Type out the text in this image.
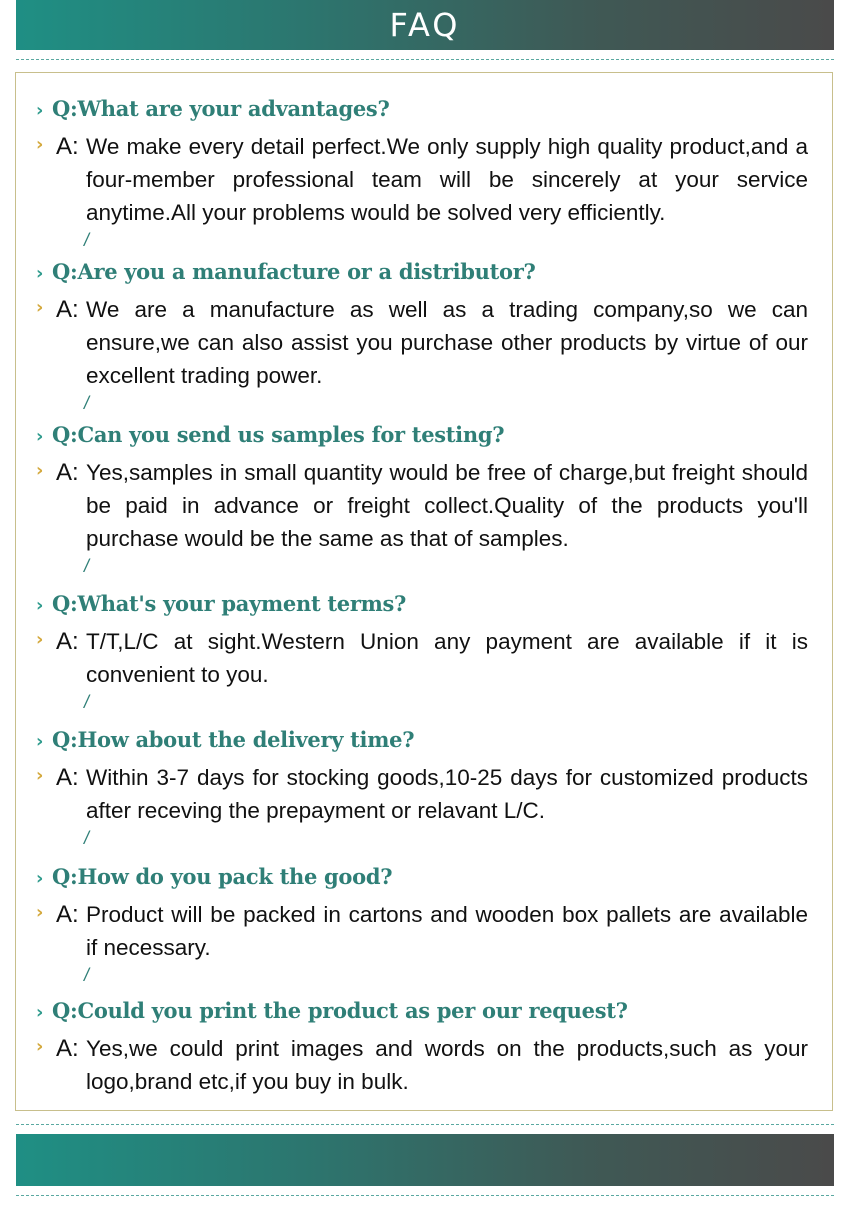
FAQ
› Q:What are your advantages?
› A: We make every detail perfect.We only supply high quality product,and a four-member professional team will be sincerely at your service anytime.All your problems would be solved very efficiently.
/
› Q:Are you a manufacture or a distributor?
› A: We are a manufacture as well as a trading company,so we can ensure,we can also assist you purchase other products by virtue of our excellent trading power.
/
› Q:Can you send us samples for testing?
› A: Yes,samples in small quantity would be free of charge,but freight should be paid in advance or freight collect.Quality of the products you'll purchase would be the same as that of samples.
/
› Q:What's your payment terms?
› A: T/T,L/C at sight.Western Union any payment are available if it is convenient to you.
/
› Q:How about the delivery time?
› A: Within 3-7 days for stocking goods,10-25 days for customized products after receving the prepayment or relavant L/C.
/
› Q:How do you pack the good?
› A: Product will be packed in cartons and wooden box pallets are available if necessary.
/
› Q:Could you print the product as per our request?
› A: Yes,we could print images and words on the products,such as your logo,brand etc,if you buy in bulk.
